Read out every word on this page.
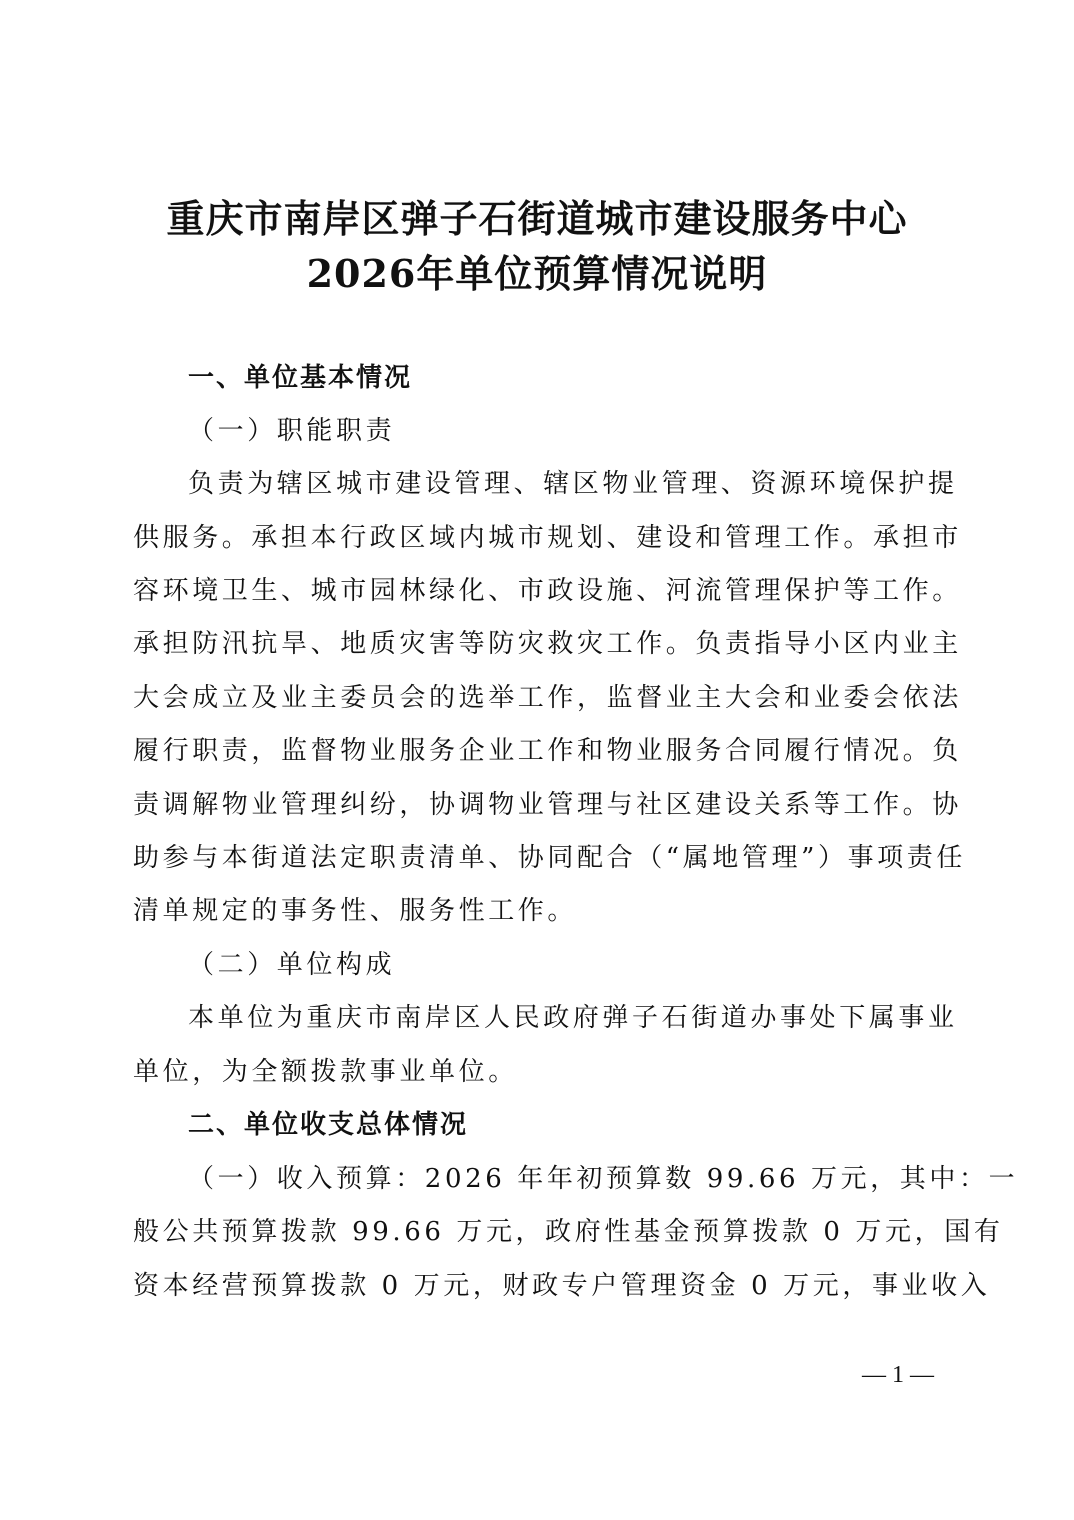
重庆市南岸区弹子石街道城市建设服务中心
2026年单位预算情况说明
一、单位基本情况
（一）职能职责
负责为辖区城市建设管理、辖区物业管理、资源环境保护提
供服务。承担本行政区域内城市规划、建设和管理工作。承担市
容环境卫生、城市园林绿化、市政设施、河流管理保护等工作。
承担防汛抗旱、地质灾害等防灾救灾工作。负责指导小区内业主
大会成立及业主委员会的选举工作，监督业主大会和业委会依法
履行职责，监督物业服务企业工作和物业服务合同履行情况。负
责调解物业管理纠纷，协调物业管理与社区建设关系等工作。协
助参与本街道法定职责清单、协同配合（“属地管理”）事项责任
清单规定的事务性、服务性工作。
（二）单位构成
本单位为重庆市南岸区人民政府弹子石街道办事处下属事业
单位，为全额拨款事业单位。
二、单位收支总体情况
（一）收入预算：2026 年年初预算数 99.66 万元，其中：一
般公共预算拨款 99.66 万元，政府性基金预算拨款 0 万元，国有
资本经营预算拨款 0 万元，财政专户管理资金 0 万元，事业收入
— 1 —
